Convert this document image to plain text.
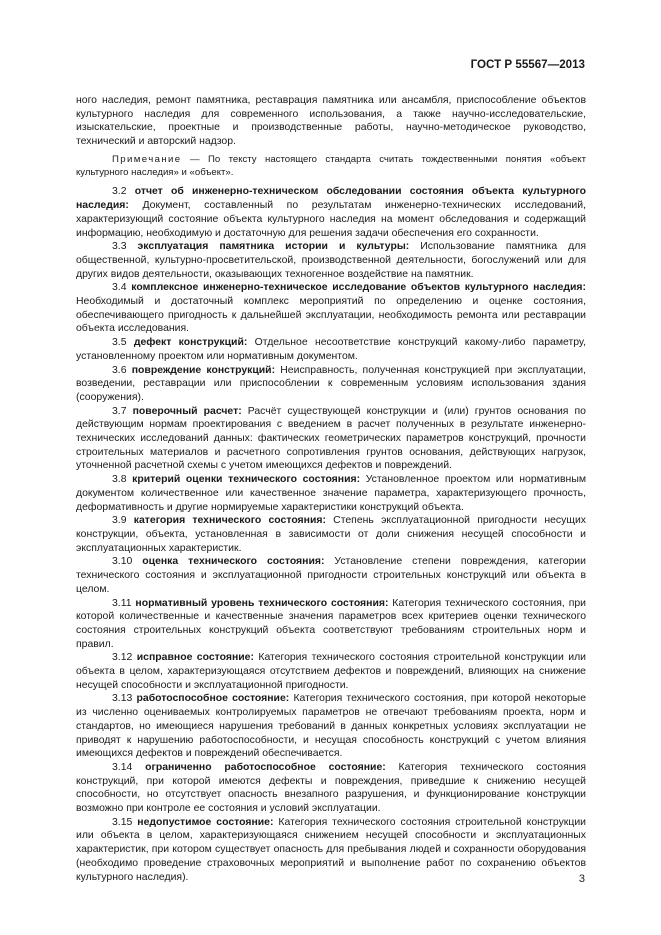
ГОСТ Р 55567—2013

ного наследия, ремонт памятника, реставрация памятника или ансамбля, приспособление объектов культурного наследия для современного использования, а также научно-исследовательские, изыскательские, проектные и производственные работы, научно-методическое руководство, технический и авторский надзор.

Примечание — По тексту настоящего стандарта считать тождественными понятия «объект культурного наследия» и «объект».

3.2 отчет об инженерно-техническом обследовании состояния объекта культурного наследия: Документ, составленный по результатам инженерно-технических исследований, характеризующий состояние объекта культурного наследия на момент обследования и содержащий информацию, необходимую и достаточную для решения задачи обеспечения его сохранности.

3.3 эксплуатация памятника истории и культуры: Использование памятника для общественной, культурно-просветительской, производственной деятельности, богослужений или для других видов деятельности, оказывающих техногенное воздействие на памятник.

3.4 комплексное инженерно-техническое исследование объектов культурного наследия: Необходимый и достаточный комплекс мероприятий по определению и оценке состояния, обеспечивающего пригодность к дальнейшей эксплуатации, необходимость ремонта или реставрации объекта исследования.

3.5 дефект конструкций: Отдельное несоответствие конструкций какому-либо параметру, установленному проектом или нормативным документом.

3.6 повреждение конструкций: Неисправность, полученная конструкцией при эксплуатации, возведении, реставрации или приспособлении к современным условиям использования здания (сооружения).

3.7 поверочный расчет: Расчёт существующей конструкции и (или) грунтов основания по действующим нормам проектирования с введением в расчет полученных в результате инженерно-технических исследований данных: фактических геометрических параметров конструкций, прочности строительных материалов и расчетного сопротивления грунтов основания, действующих нагрузок, уточненной расчетной схемы с учетом имеющихся дефектов и повреждений.

3.8 критерий оценки технического состояния: Установленное проектом или нормативным документом количественное или качественное значение параметра, характеризующего прочность, деформативность и другие нормируемые характеристики конструкций объекта.

3.9 категория технического состояния: Степень эксплуатационной пригодности несущих конструкции, объекта, установленная в зависимости от доли снижения несущей способности и эксплуатационных характеристик.

3.10 оценка технического состояния: Установление степени повреждения, категории технического состояния и эксплуатационной пригодности строительных конструкций или объекта в целом.

3.11 нормативный уровень технического состояния: Категория технического состояния, при которой количественные и качественные значения параметров всех критериев оценки технического состояния строительных конструкций объекта соответствуют требованиям строительных норм и правил.

3.12 исправное состояние: Категория технического состояния строительной конструкции или объекта в целом, характеризующаяся отсутствием дефектов и повреждений, влияющих на снижение несущей способности и эксплуатационной пригодности.

3.13 работоспособное состояние: Категория технического состояния, при которой некоторые из численно оцениваемых контролируемых параметров не отвечают требованиям проекта, норм и стандартов, но имеющиеся нарушения требований в данных конкретных условиях эксплуатации не приводят к нарушению работоспособности, и несущая способность конструкций с учетом влияния имеющихся дефектов и повреждений обеспечивается.

3.14 ограниченно работоспособное состояние: Категория технического состояния конструкций, при которой имеются дефекты и повреждения, приведшие к снижению несущей способности, но отсутствует опасность внезапного разрушения, и функционирование конструкции возможно при контроле ее состояния и условий эксплуатации.

3.15 недопустимое состояние: Категория технического состояния строительной конструкции или объекта в целом, характеризующаяся снижением несущей способности и эксплуатационных характеристик, при котором существует опасность для пребывания людей и сохранности оборудования (необходимо проведение страховочных мероприятий и выполнение работ по сохранению объектов культурного наследия).	3
